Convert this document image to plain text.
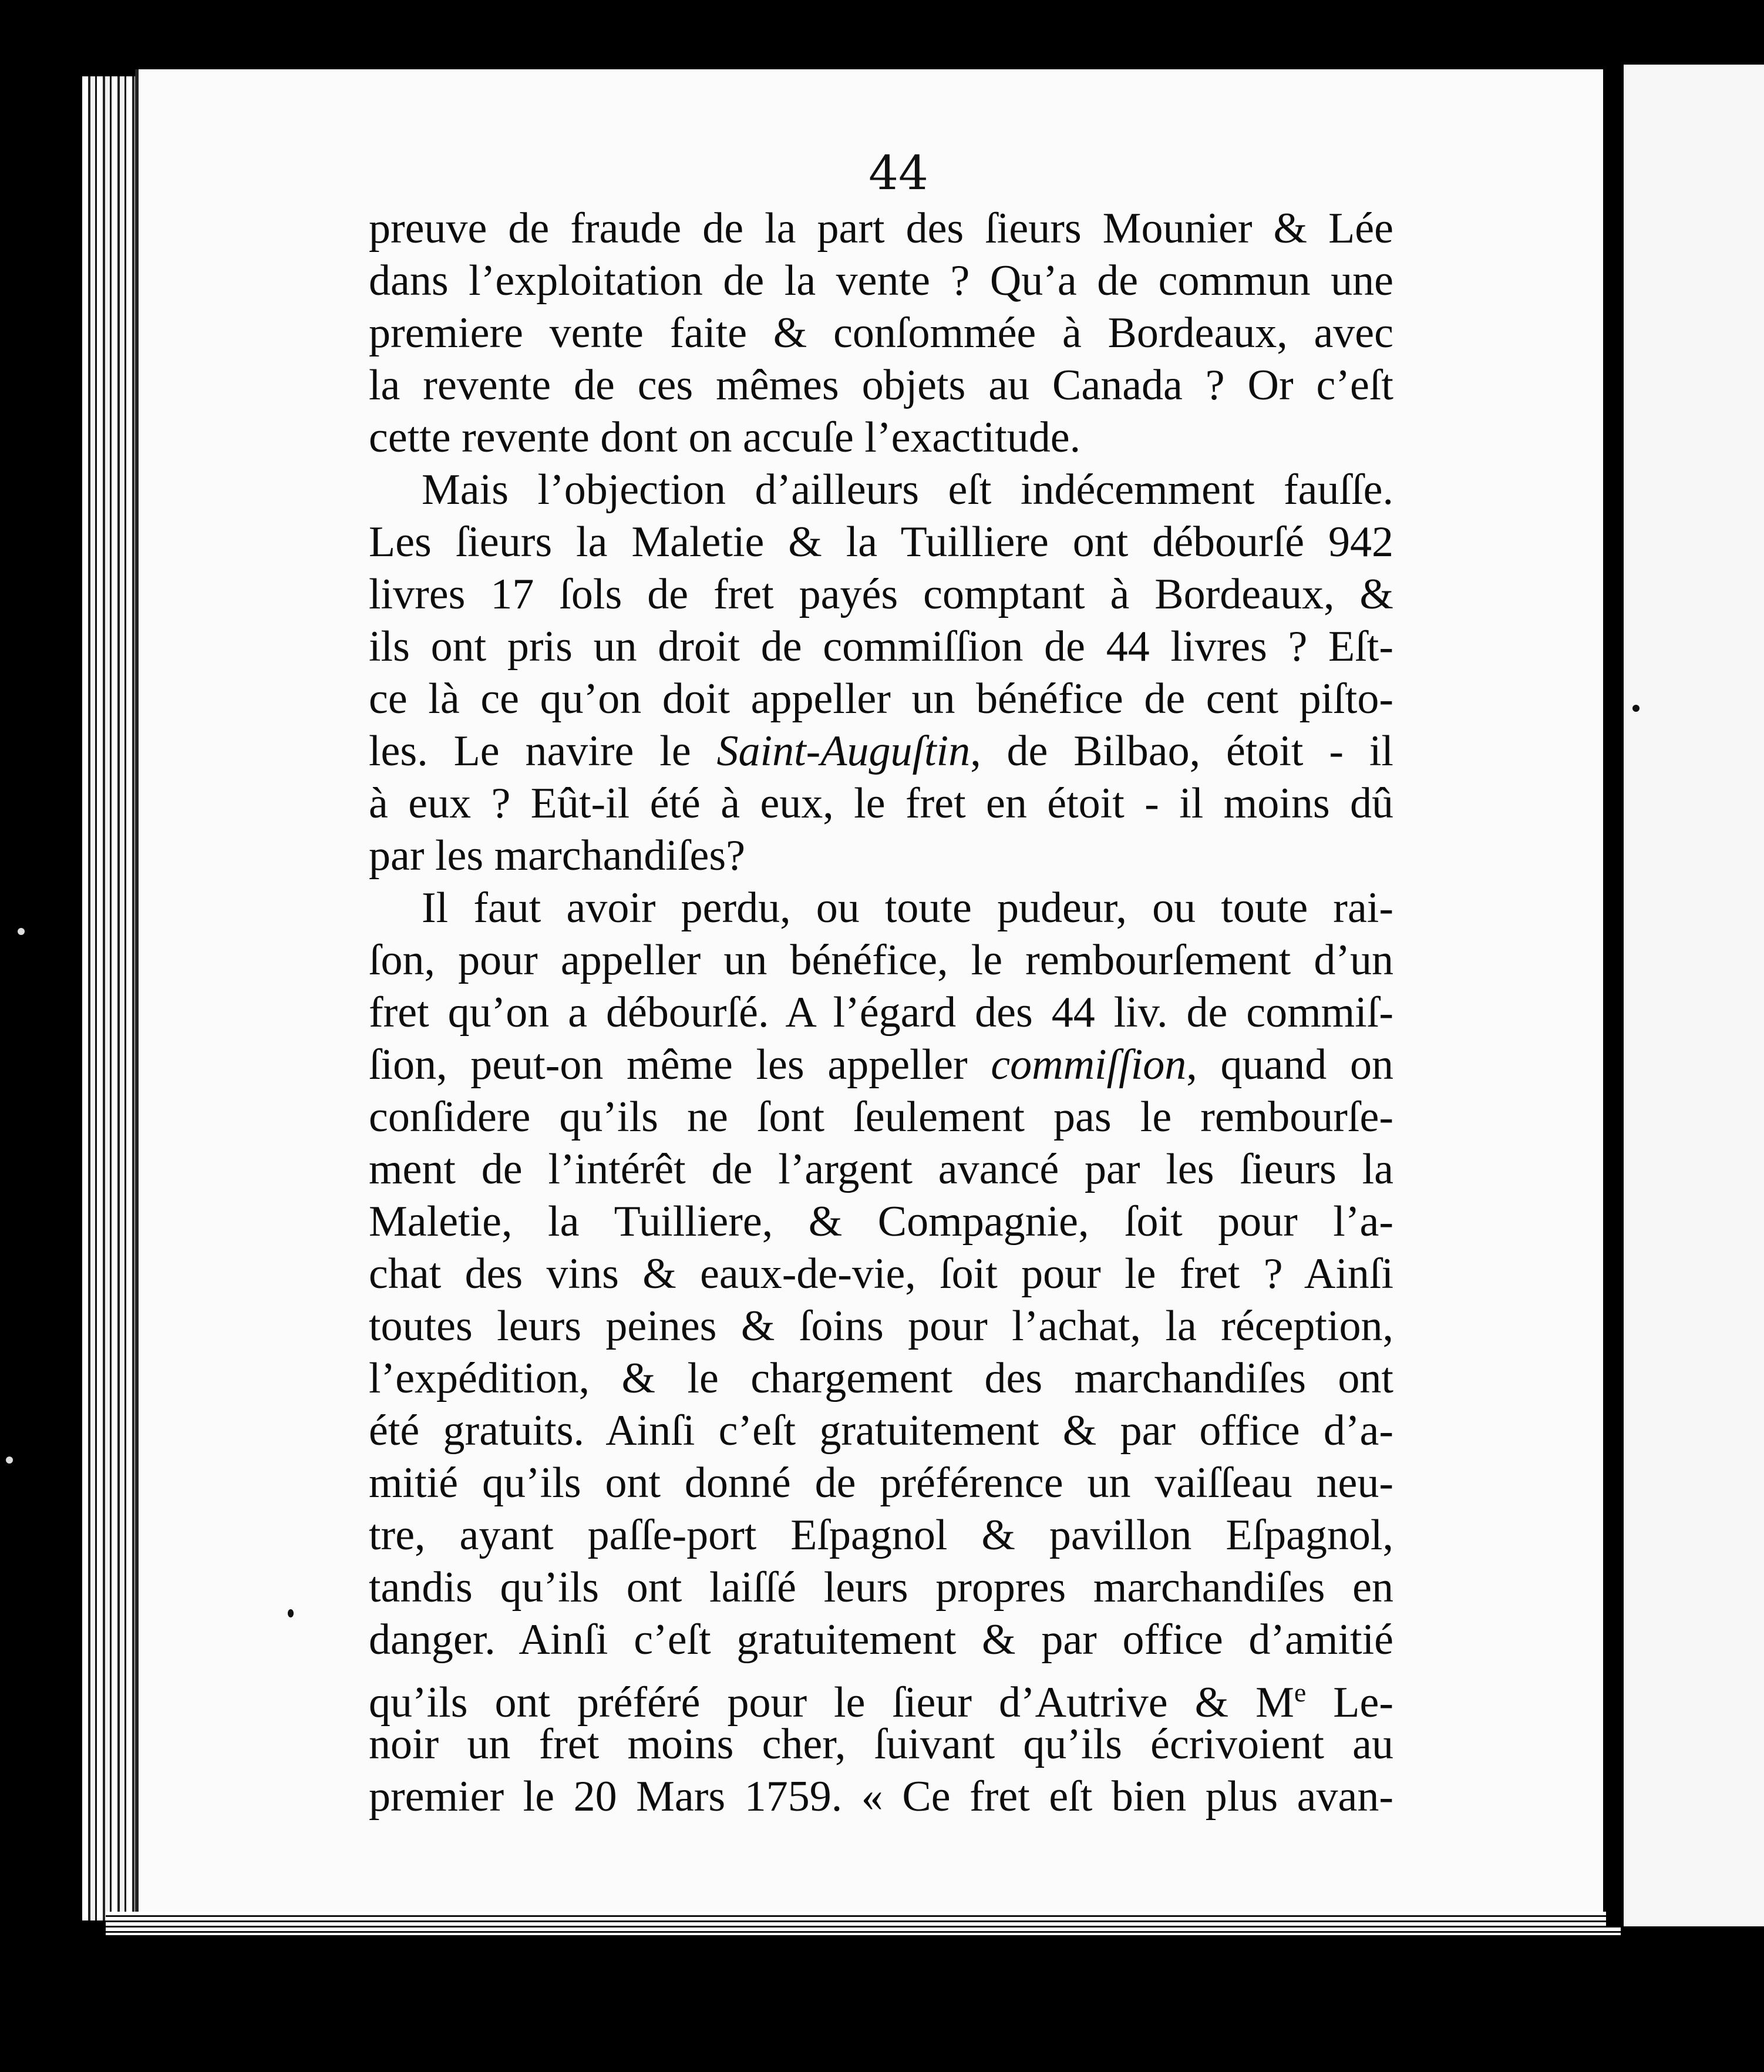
44
preuve de fraude de la part des ſieurs Mounier & Lée
dans l’exploitation de la vente ? Qu’a de commun une
premiere vente faite & conſommée à Bordeaux, avec
la revente de ces mêmes objets au Canada ? Or c’eſt
cette revente dont on accuſe l’exactitude.
Mais l’objection d’ailleurs eſt indécemment fauſſe.
Les ſieurs la Maletie & la Tuilliere ont débourſé 942
livres 17 ſols de fret payés comptant à Bordeaux, &
ils ont pris un droit de commiſſion de 44 livres ? Eſt-
ce là ce qu’on doit appeller un bénéfice de cent piſto-
les. Le navire le Saint-Auguſtin, de Bilbao, étoit - il
à eux ? Eût-il été à eux, le fret en étoit - il moins dû
par les marchandiſes?
Il faut avoir perdu, ou toute pudeur, ou toute rai-
ſon, pour appeller un bénéfice, le rembourſement d’un
fret qu’on a débourſé. A l’égard des 44 liv. de commiſ-
ſion, peut-on même les appeller commiſſion, quand on
conſidere qu’ils ne ſont ſeulement pas le rembourſe-
ment de l’intérêt de l’argent avancé par les ſieurs la
Maletie, la Tuilliere, & Compagnie, ſoit pour l’a-
chat des vins & eaux-de-vie, ſoit pour le fret ? Ainſi
toutes leurs peines & ſoins pour l’achat, la réception,
l’expédition, & le chargement des marchandiſes ont
été gratuits. Ainſi c’eſt gratuitement & par office d’a-
mitié qu’ils ont donné de préférence un vaiſſeau neu-
tre, ayant paſſe-port Eſpagnol & pavillon Eſpagnol,
tandis qu’ils ont laiſſé leurs propres marchandiſes en
danger. Ainſi c’eſt gratuitement & par office d’amitié
qu’ils ont préféré pour le ſieur d’Autrive & Me Le-
noir un fret moins cher, ſuivant qu’ils écrivoient au
premier le 20 Mars 1759. « Ce fret eſt bien plus avan-
